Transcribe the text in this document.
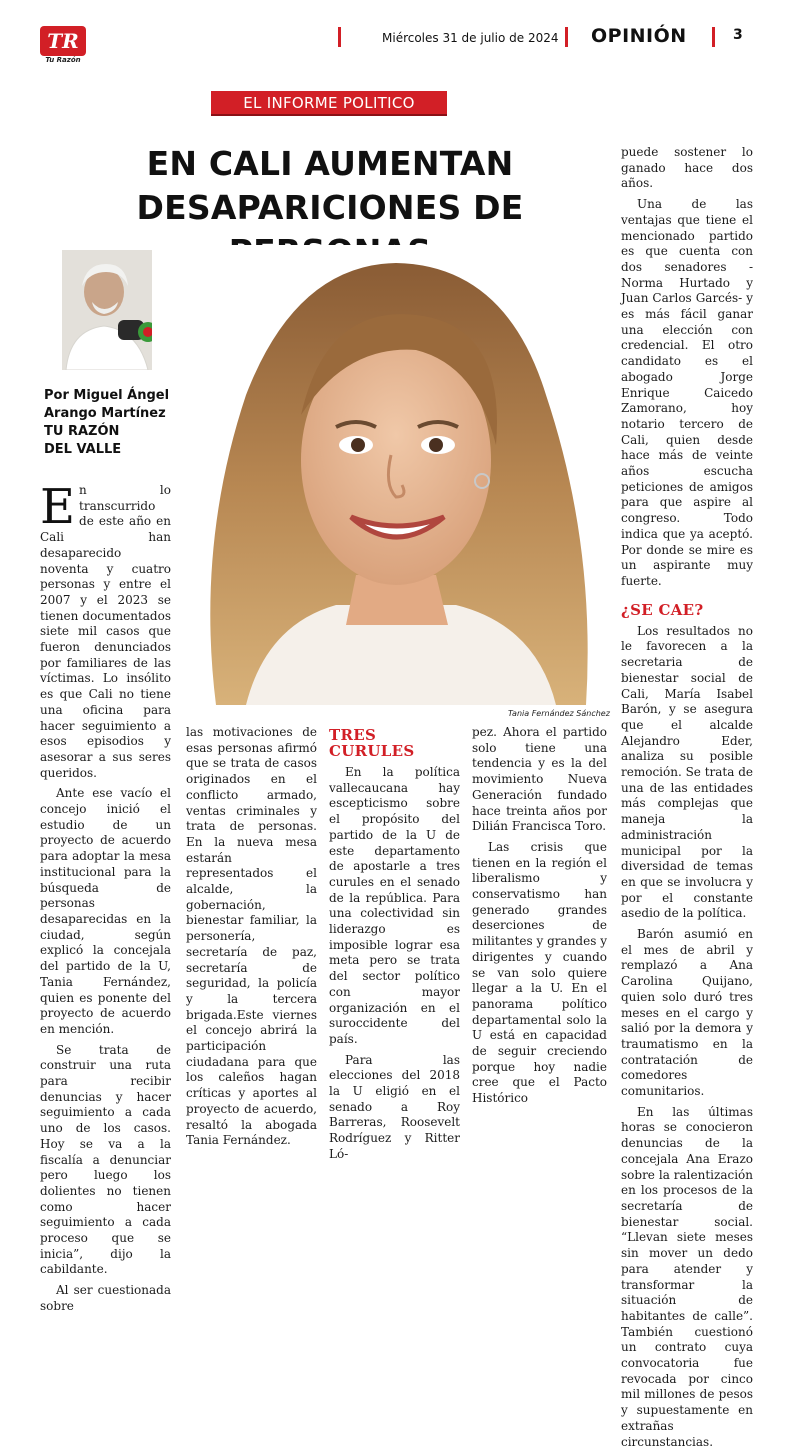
TR
Tu Razón
Miércoles 31 de julio de 2024 OPINIÓN	3
EL INFORME POLITICO
EN CALI AUMENTAN
DESAPARICIONES DE
Por Miguel Ángel
Arango Martínez
TU RAZÓN
DEL VALLE
Tania Fernández Sánchez

En lo transcurrido de este año en Cali han desaparecido noventa y cuatro personas y entre el 2007 y el 2023 se tienen documentados siete mil casos que fueron denunciados por familiares de las víctimas. Lo insólito es que Cali no tiene una oficina para hacer seguimiento a esos episodios y asesorar a sus seres queridos.

Ante ese vacío el concejo inició el estudio de un proyecto de acuerdo para adoptar la mesa institucional para la búsqueda de personas desaparecidas en la ciudad, según explicó la concejala del partido de la U, Tania Fernández, quien es ponente del proyecto de acuerdo en mención.

Se trata de construir una ruta para recibir denuncias y hacer seguimiento a cada uno de los casos. Hoy se va a la fiscalía a denunciar pero luego los dolientes no tienen como hacer seguimiento a cada proceso que se inicia”, dijo la cabildante.

Al ser cuestionada sobre

las motivaciones de esas personas afirmó que se trata de casos originados en el conflicto armado, ventas criminales y trata de personas. En la nueva mesa estarán representados el alcalde, la gobernación, bienestar familiar, la personería, secretaría de paz, secretaría de seguridad, la policía y la tercera brigada.Este viernes el concejo abrirá la participación ciudadana para que los caleños hagan críticas y aportes al proyecto de acuerdo, resaltó la abogada Tania Fernández.

TRES CURULES

En la política vallecaucana hay escepticismo sobre el propósito del partido de la U de este departamento de apostarle a tres curules en el senado de la república. Para una colectividad sin liderazgo es imposible lograr esa meta pero se trata del sector político con mayor organización en el suroccidente del país.

Para las elecciones del 2018 la U eligió en el senado a Roy Barreras, Roosevelt Rodríguez y Ritter Ló-

pez. Ahora el partido solo tiene una tendencia y es la del movimiento Nueva Generación fundado hace treinta años por Dilián Francisca Toro.

Las crisis que tienen en la región el liberalismo y conservatismo han generado grandes deserciones de militantes y grandes y dirigentes y cuando se van solo quiere llegar a la U. En el panorama político departamental solo la U está en capacidad de seguir creciendo porque hoy nadie cree que el Pacto Histórico

puede sostener lo ganado hace dos años.

Una de las ventajas que tiene el mencionado partido es que cuenta con dos senadores -Norma Hurtado y Juan Carlos Garcés- y es más fácil ganar una elección con credencial. El otro candidato es el abogado Jorge Enrique Caicedo Zamorano, hoy notario tercero de Cali, quien desde hace más de veinte años escucha peticiones de amigos para que aspire al congreso. Todo indica que ya aceptó. Por donde se mire es un aspirante muy fuerte.

¿SE CAE?

Los resultados no le favorecen a la secretaria de bienestar social de Cali, María Isabel Barón, y se asegura que el alcalde Alejandro Eder, analiza su posible remoción. Se trata de una de las entidades más complejas que maneja la administración municipal por la diversidad de temas en que se involucra y por el constante asedio de la política.

Barón asumió en el mes de abril y remplazó a Ana Carolina Quijano, quien solo duró tres meses en el cargo y salió por la demora y traumatismo en la contratación de comedores comunitarios.

En las últimas horas se conocieron denuncias de la concejala Ana Erazo sobre la ralentización en los procesos de la secretaría de bienestar social. “Llevan siete meses sin mover un dedo para atender y transformar la situación de habitantes de calle”. También cuestionó un contrato cuya convocatoria fue revocada por cinco mil millones de pesos y supuestamente en extrañas circunstancias.
